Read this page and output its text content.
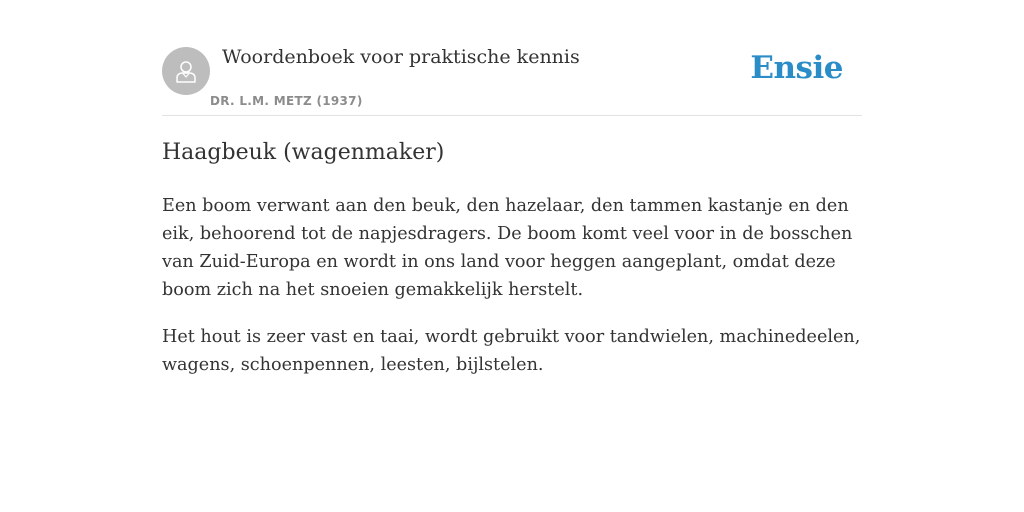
Woordenboek voor praktische kennis
DR. L.M. METZ (1937)
Ensie
Haagbeuk (wagenmaker)

Een boom verwant aan den beuk, den hazelaar, den tammen kastanje en den eik, behoorend tot de napjesdragers. De boom komt veel voor in de bosschen van Zuid-Europa en wordt in ons land voor heggen aangeplant, omdat deze boom zich na het snoeien gemakkelijk herstelt.

Het hout is zeer vast en taai, wordt gebruikt voor tandwielen, machinedeelen, wagens, schoenpennen, leesten, bijlstelen.
